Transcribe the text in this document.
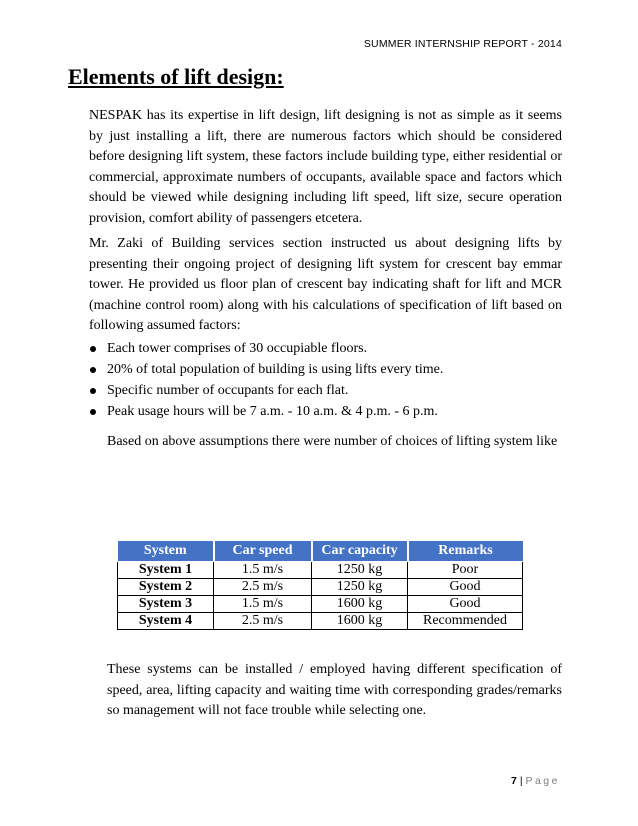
SUMMER INTERNSHIP REPORT - 2014
Elements of lift design:

NESPAK has its expertise in lift design, lift designing is not as simple as it seems by just installing a lift, there are numerous factors which should be considered before designing lift system, these factors include building type, either residential or commercial, approximate numbers of occupants, available space and factors which should be viewed while designing including lift speed, lift size, secure operation provision, comfort ability of passengers etcetera.

Mr. Zaki of Building services section instructed us about designing lifts by presenting their ongoing project of designing lift system for crescent bay emmar tower. He provided us floor plan of crescent bay indicating shaft for lift and MCR (machine control room) along with his calculations of specification of lift based on following assumed factors:

Each tower comprises of 30 occupiable floors.
20% of total population of building is using lifts every time.
Specific number of occupants for each flat.
Peak usage hours will be 7 a.m. - 10 a.m. & 4 p.m. - 6 p.m.

Based on above assumptions there were number of choices of lifting system like

System	Car speed	Car capacity	Remarks
System 1	1.5 m/s	1250 kg	Poor
System 2	2.5 m/s	1250 kg	Good
System 3	1.5 m/s	1600 kg	Good
System 4	2.5 m/s	1600 kg	Recommended

These systems can be installed / employed having different specification of speed, area, lifting capacity and waiting time with corresponding grades/remarks so management will not face trouble while selecting one.

7 | Page
